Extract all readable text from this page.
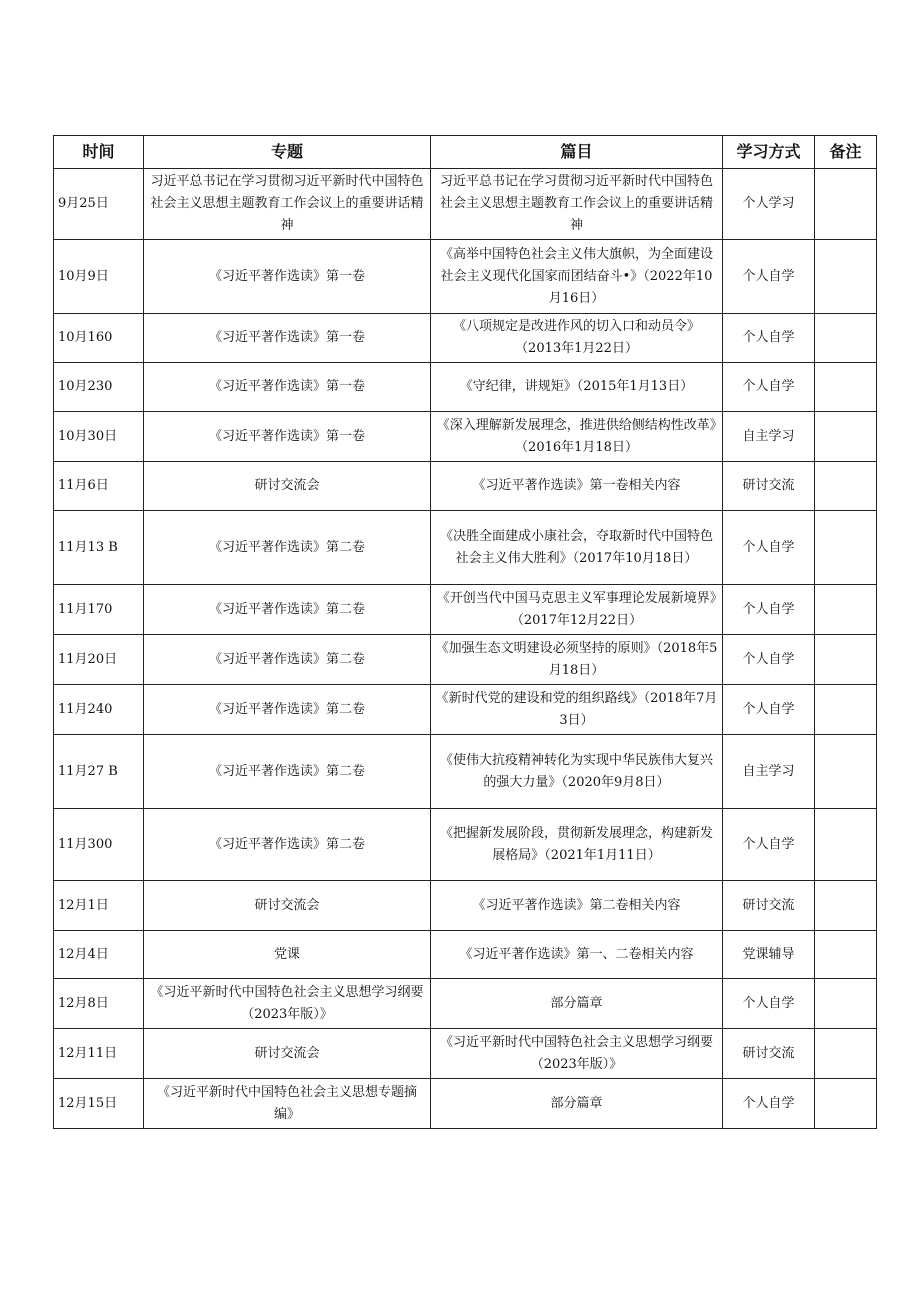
时间	专题	篇目	学习方式	备注
9月25日	习近平总书记在学习贯彻习近平新时代中国特色社会主义思想主题教育工作会议上的重要讲话精神	习近平总书记在学习贯彻习近平新时代中国特色社会主义思想主题教育工作会议上的重要讲话精神	个人学习	
10月9日	《习近平著作选读》第一卷	《高举中国特色社会主义伟大旗帜，为全面建设社会主义现代化国家而团结奋斗•》（2022年10月16日）	个人自学	
10月160	《习近平著作选读》第一卷	《八项规定是改进作风的切入口和动员令》（2013年1月22日）	个人自学	
10月230	《习近平著作选读》第一卷	《守纪律，讲规矩》（2015年1月13日）	个人自学	
10月30日	《习近平著作选读》第一卷	《深入理解新发展理念，推进供给侧结构性改革》（2016年1月18日）	自主学习	
11月6日	研讨交流会	《习近平著作选读》第一卷相关内容	研讨交流	
11月13 B	《习近平著作选读》第二卷	《决胜全面建成小康社会，夺取新时代中国特色社会主义伟大胜利》（2017年10月18日）	个人自学	
11月170	《习近平著作选读》第二卷	《开创当代中国马克思主义军事理论发展新境界》（2017年12月22日）	个人自学	
11月20日	《习近平著作选读》第二卷	《加强生态文明建设必须坚持的原则》（2018年5月18日）	个人自学	
11月240	《习近平著作选读》第二卷	《新时代党的建设和党的组织路线》（2018年7月3日）	个人自学	
11月27 B	《习近平著作选读》第二卷	《使伟大抗疫精神转化为实现中华民族伟大复兴的强大力量》（2020年9月8日）	自主学习	
11月300	《习近平著作选读》第二卷	《把握新发展阶段，贯彻新发展理念，构建新发展格局》（2021年1月11日）	个人自学	
12月1日	研讨交流会	《习近平著作选读》第二卷相关内容	研讨交流	
12月4日	党课	《习近平著作选读》第一、二卷相关内容	党课辅导	
12月8日	《习近平新时代中国特色社会主义思想学习纲要（2023年版）》	部分篇章	个人自学	
12月11日	研讨交流会	《习近平新时代中国特色社会主义思想学习纲要（2023年版）》	研讨交流	
12月15日	《习近平新时代中国特色社会主义思想专题摘编》	部分篇章	个人自学	
